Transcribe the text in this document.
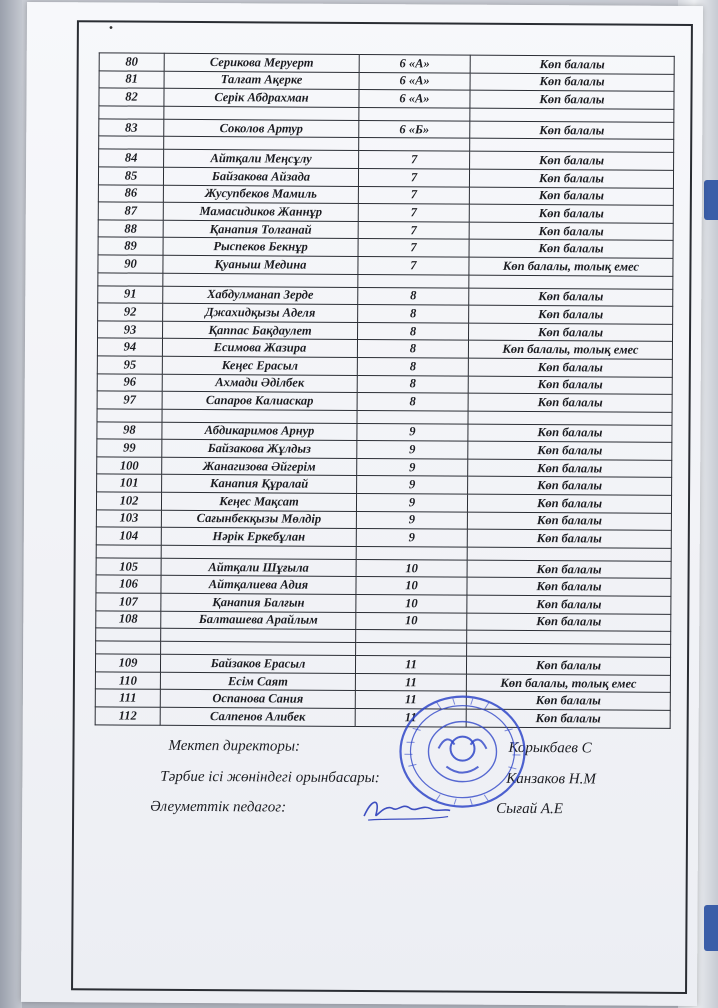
•
80	Серикова Меруерт	6 «А»	Көп балалы
81	Талғат Ақерке	6 «А»	Көп балалы
82	Серік Абдрахман	6 «А»	Көп балалы

83	Соколов Артур	6 «Б»	Көп балалы

84	Айтқали Меңсұлу	7	Көп балалы
85	Байзакова Айзада	7	Көп балалы
86	Жусупбеков Мамиль	7	Көп балалы
87	Мамасидиков Жаннұр	7	Көп балалы
88	Қанапия Толғанай	7	Көп балалы
89	Рыспеков Бекнұр	7	Көп балалы
90	Қуаныш Медина	7	Көп балалы, толық емес

91	Хабдулманап Зерде	8	Көп балалы
92	Джахидқызы Аделя	8	Көп балалы
93	Қаппас Бақдаулет	8	Көп балалы
94	Есимова Жазира	8	Көп балалы, толық емес
95	Кеңес Ерасыл	8	Көп балалы
96	Ахмади Әділбек	8	Көп балалы
97	Сапаров Калиаскар	8	Көп балалы

98	Абдикаримов Арнур	9	Көп балалы
99	Байзакова Жұлдыз	9	Көп балалы
100	Жанагизова Әйгерім	9	Көп балалы
101	Канапия Құралай	9	Көп балалы
102	Кеңес Мақсат	9	Көп балалы
103	Сағынбекқызы Мөлдір	9	Көп балалы
104	Нәрік Еркебұлан	9	Көп балалы

105	Айтқали Шұғыла	10	Көп балалы
106	Айтқалиева Адия	10	Көп балалы
107	Қанапия Балғын	10	Көп балалы
108	Балташева Арайлым	10	Көп балалы

109	Байзаков Ерасыл	11	Көп балалы
110	Есім Саят	11	Көп балалы, толық емес
111	Оспанова Сания	11	Көп балалы
112	Салпенов Алибек	11	Көп балалы
Мектеп директоры:	Корыкбаев С
Тәрбие ісі жөніндегі орынбасары:	Канзаков Н.М
Әлеуметтік педагог:	Сығай А.Е
